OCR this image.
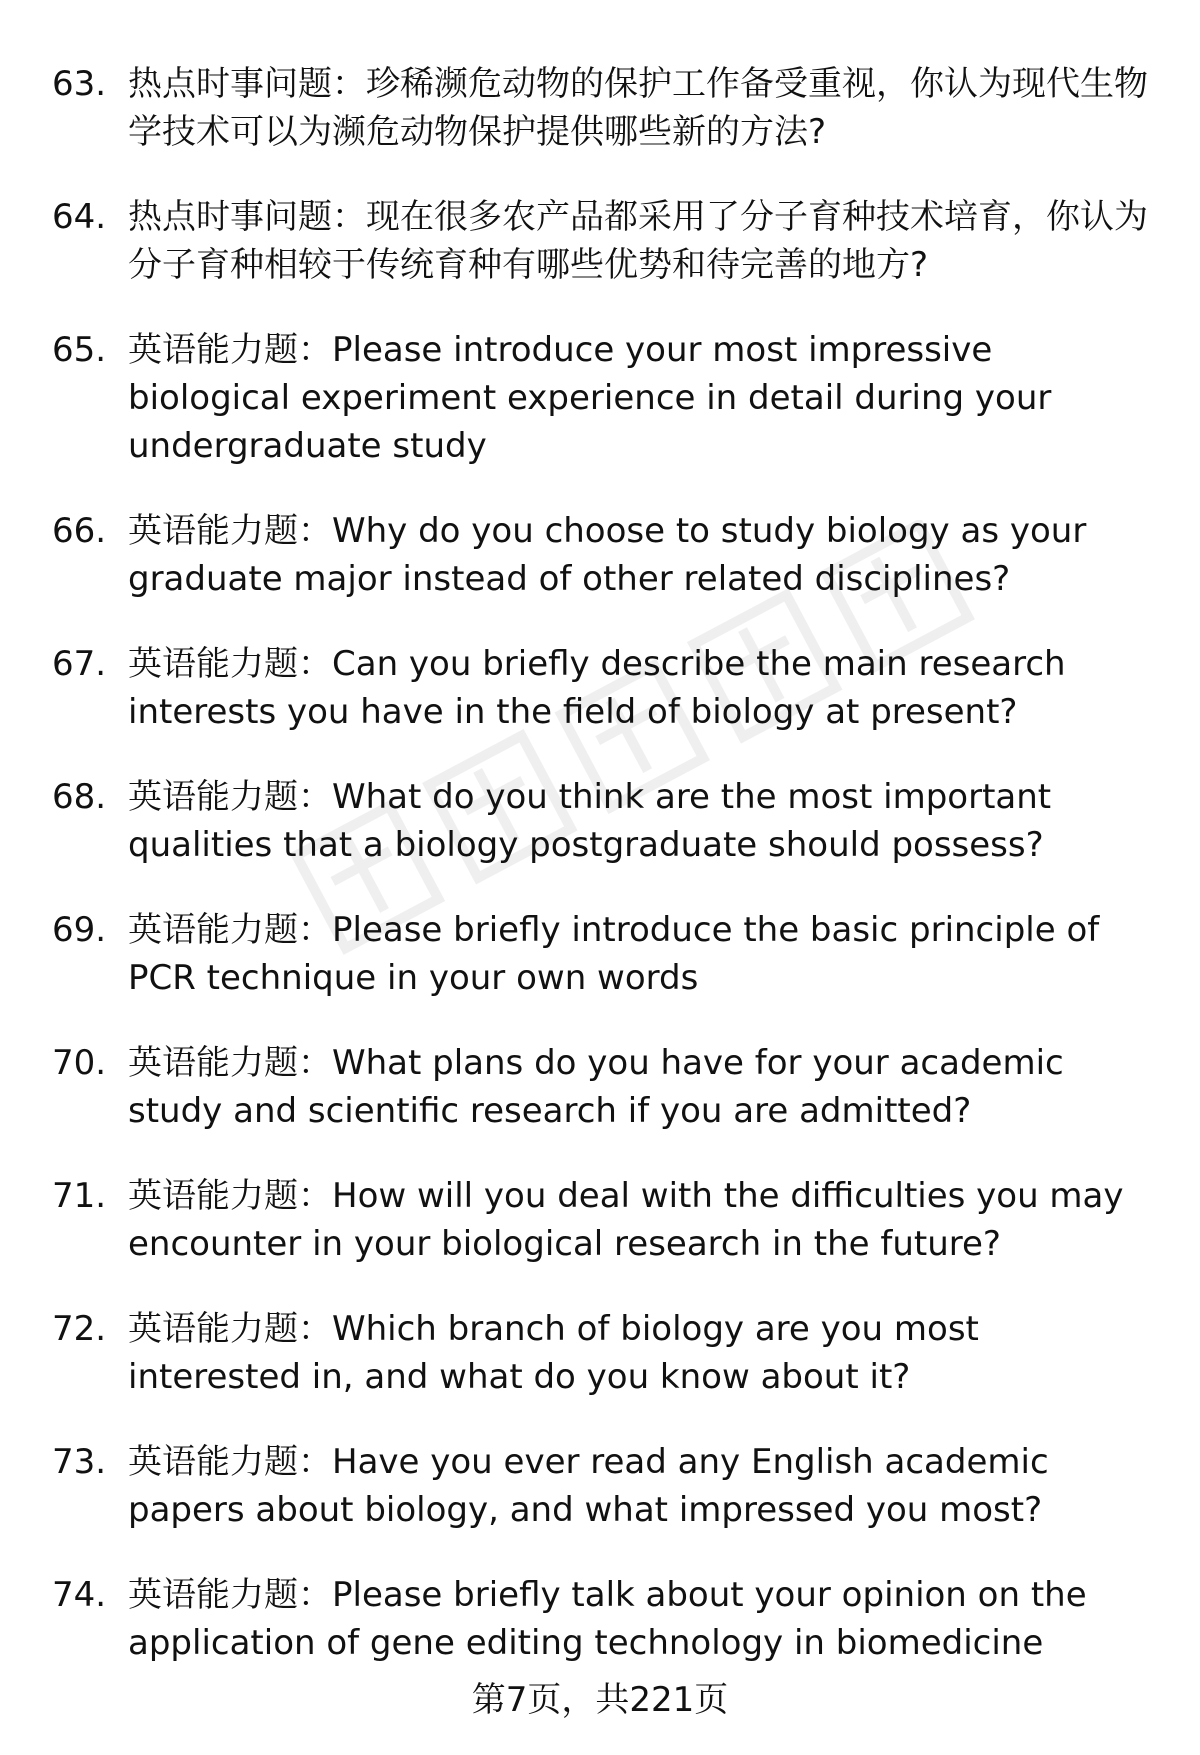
63. 热点时事问题：珍稀濒危动物的保护工作备受重视，你认为现代生物学技术可以为濒危动物保护提供哪些新的方法?
64. 热点时事问题：现在很多农产品都采用了分子育种技术培育，你认为分子育种相较于传统育种有哪些优势和待完善的地方?
65. 英语能力题：Please introduce your most impressive biological experiment experience in detail during your undergraduate study
66. 英语能力题：Why do you choose to study biology as your graduate major instead of other related disciplines?
67. 英语能力题：Can you briefly describe the main research interests you have in the field of biology at present?
68. 英语能力题：What do you think are the most important qualities that a biology postgraduate should possess?
69. 英语能力题：Please briefly introduce the basic principle of PCR technique in your own words
70. 英语能力题：What plans do you have for your academic study and scientific research if you are admitted?
71. 英语能力题：How will you deal with the difficulties you may encounter in your biological research in the future?
72. 英语能力题：Which branch of biology are you most interested in, and what do you know about it?
73. 英语能力题：Have you ever read any English academic papers about biology, and what impressed you most?
74. 英语能力题：Please briefly talk about your opinion on the application of gene editing technology in biomedicine
第7页，共221页
